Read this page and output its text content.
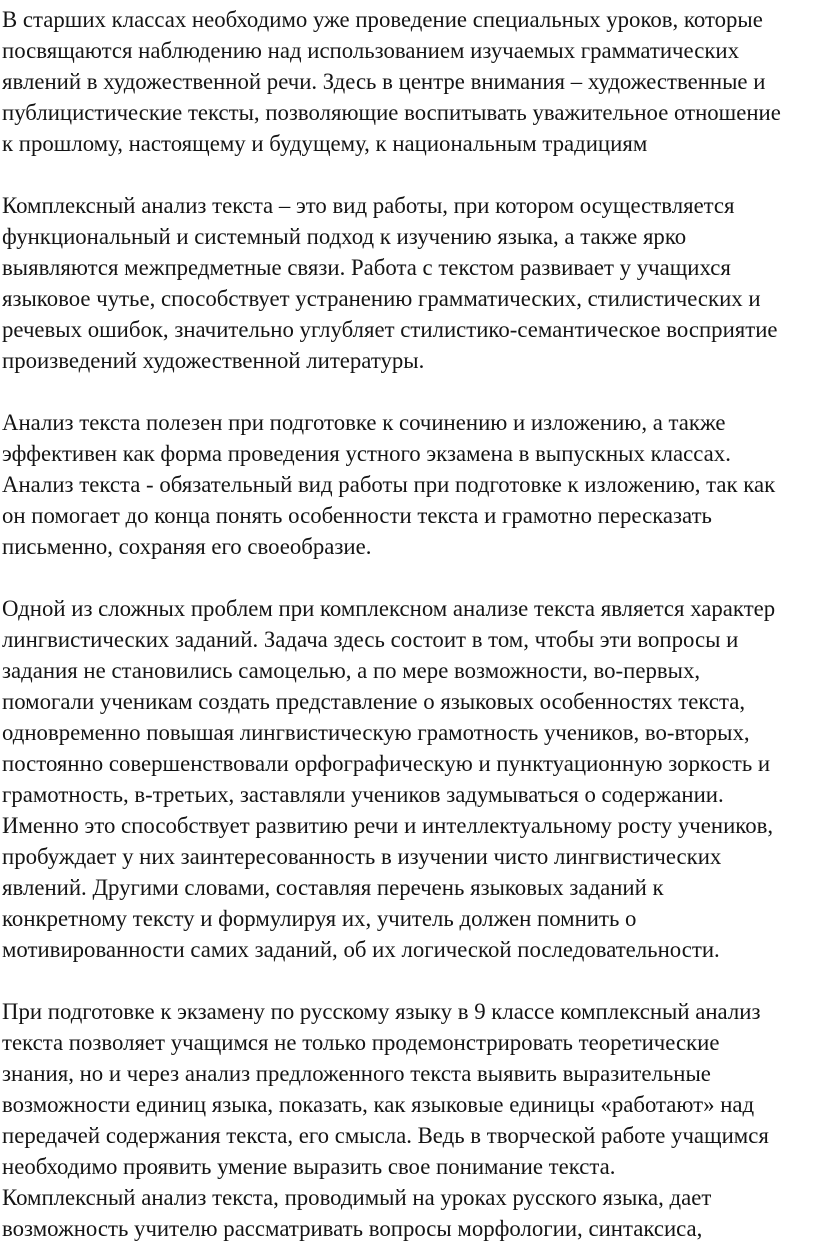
В старших классах необходимо уже проведение специальных уроков, которые
посвящаются наблюдению над использованием изучаемых грамматических
явлений в художественной речи. Здесь в центре внимания – художественные и
публицистические тексты, позволяющие воспитывать уважительное отношение
к прошлому, настоящему и будущему, к национальным традициям
Комплексный анализ текста – это вид работы, при котором осуществляется
функциональный и системный подход к изучению языка, а также ярко
выявляются межпредметные связи. Работа с текстом развивает у учащихся
языковое чутье, способствует устранению грамматических, стилистических и
речевых ошибок, значительно углубляет стилистико-семантическое восприятие
произведений художественной литературы.
Анализ текста полезен при подготовке к сочинению и изложению, а также
эффективен как форма проведения устного экзамена в выпускных классах.
Анализ текста - обязательный вид работы при подготовке к изложению, так как
он помогает до конца понять особенности текста и грамотно пересказать
письменно, сохраняя его своеобразие.
Одной из сложных проблем при комплексном анализе текста является характер
лингвистических заданий. Задача здесь состоит в том, чтобы эти вопросы и
задания не становились самоцелью, а по мере возможности, во-первых,
помогали ученикам создать представление о языковых особенностях текста,
одновременно повышая лингвистическую грамотность учеников, во-вторых,
постоянно совершенствовали орфографическую и пунктуационную зоркость и
грамотность, в-третьих, заставляли учеников задумываться о содержании.
Именно это способствует развитию речи и интеллектуальному росту учеников,
пробуждает у них заинтересованность в изучении чисто лингвистических
явлений. Другими словами, составляя перечень языковых заданий к
конкретному тексту и формулируя их, учитель должен помнить о
мотивированности самих заданий, об их логической последовательности.
При подготовке к экзамену по русскому языку в 9 классе комплексный анализ
текста позволяет учащимся не только продемонстрировать теоретические
знания, но и через анализ предложенного текста выявить выразительные
возможности единиц языка, показать, как языковые единицы «работают» над
передачей содержания текста, его смысла. Ведь в творческой работе учащимся
необходимо проявить умение выразить свое понимание текста.
Комплексный анализ текста, проводимый на уроках русского языка, дает
возможность учителю рассматривать вопросы морфологии, синтаксиса,
